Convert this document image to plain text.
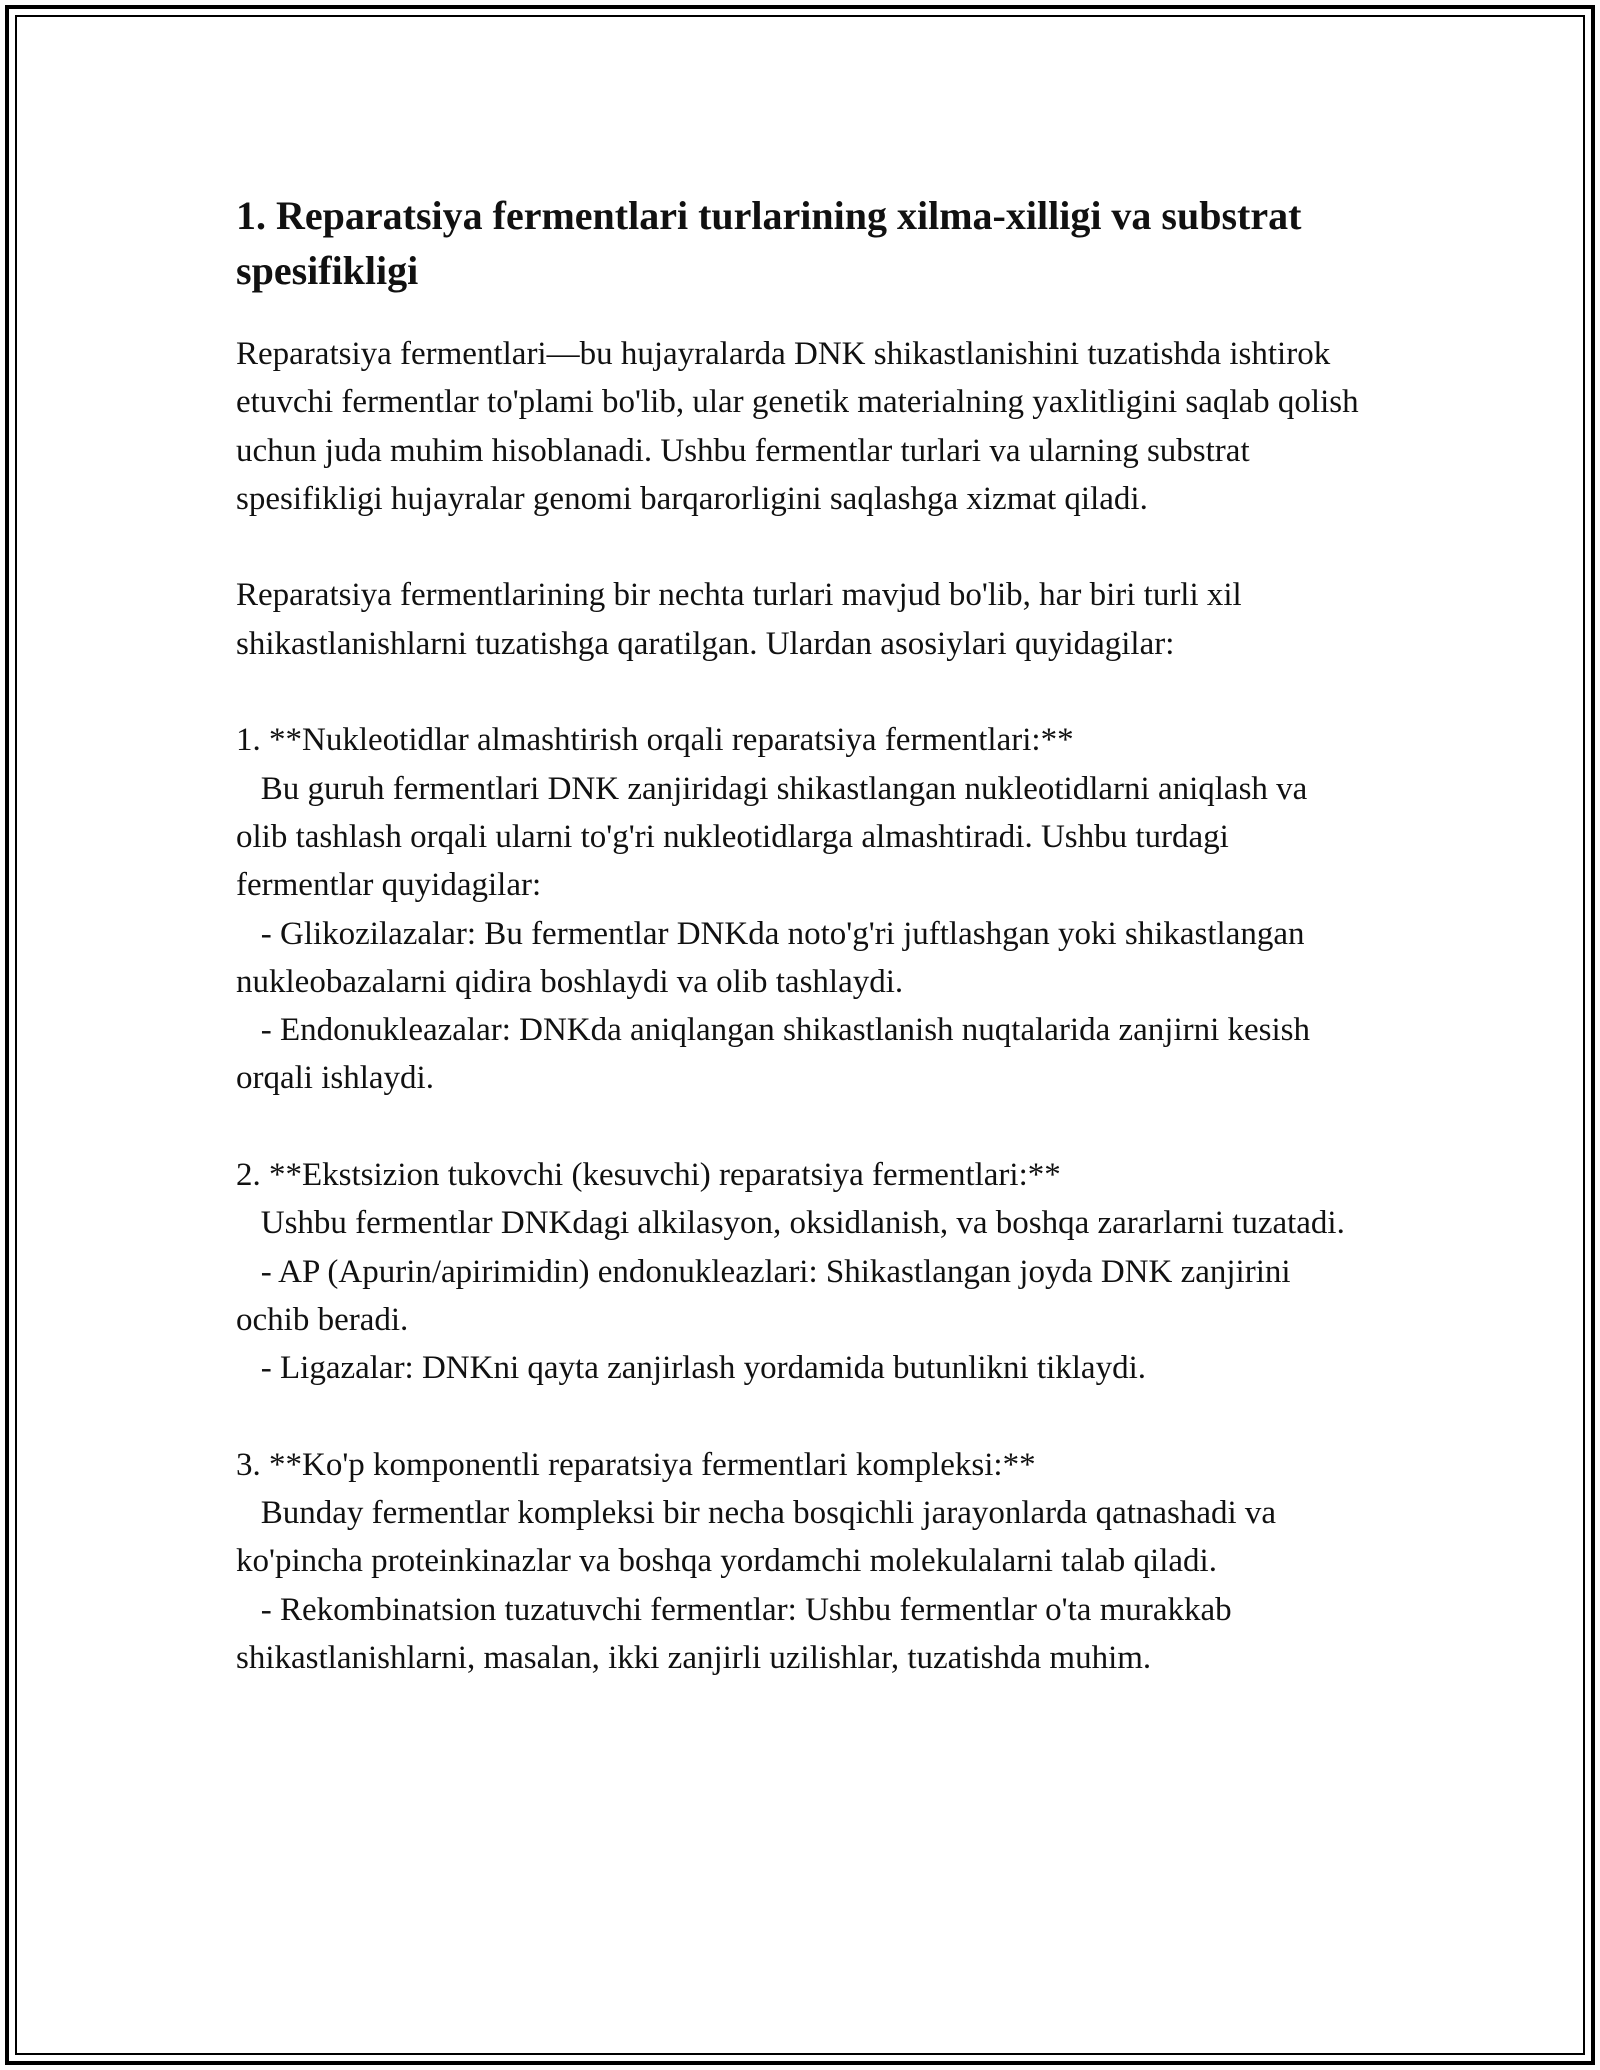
1. Reparatsiya fermentlari turlarining xilma-xilligi va substrat spesifikligi

Reparatsiya fermentlari—bu hujayralarda DNK shikastlanishini tuzatishda ishtirok etuvchi fermentlar to'plami bo'lib, ular genetik materialning yaxlitligini saqlab qolish uchun juda muhim hisoblanadi. Ushbu fermentlar turlari va ularning substrat spesifikligi hujayralar genomi barqarorligini saqlashga xizmat qiladi.

Reparatsiya fermentlarining bir nechta turlari mavjud bo'lib, har biri turli xil shikastlanishlarni tuzatishga qaratilgan. Ulardan asosiylari quyidagilar:

1. **Nukleotidlar almashtirish orqali reparatsiya fermentlari:**

Bu guruh fermentlari DNK zanjiridagi shikastlangan nukleotidlarni aniqlash va olib tashlash orqali ularni to'g'ri nukleotidlarga almashtiradi. Ushbu turdagi fermentlar quyidagilar:

- Glikozilazalar: Bu fermentlar DNKda noto'g'ri juftlashgan yoki shikastlangan nukleobazalarni qidira boshlaydi va olib tashlaydi.

- Endonukleazalar: DNKda aniqlangan shikastlanish nuqtalarida zanjirni kesish orqali ishlaydi.

2. **Ekstsizion tukovchi (kesuvchi) reparatsiya fermentlari:**

Ushbu fermentlar DNKdagi alkilasyon, oksidlanish, va boshqa zararlarni tuzatadi.

- AP (Apurin/apirimidin) endonukleazlari: Shikastlangan joyda DNK zanjirini ochib beradi.

- Ligazalar: DNKni qayta zanjirlash yordamida butunlikni tiklaydi.

3. **Ko'p komponentli reparatsiya fermentlari kompleksi:**

Bunday fermentlar kompleksi bir necha bosqichli jarayonlarda qatnashadi va ko'pincha proteinkinazlar va boshqa yordamchi molekulalarni talab qiladi.

- Rekombinatsion tuzatuvchi fermentlar: Ushbu fermentlar o'ta murakkab shikastlanishlarni, masalan, ikki zanjirli uzilishlar, tuzatishda muhim.
